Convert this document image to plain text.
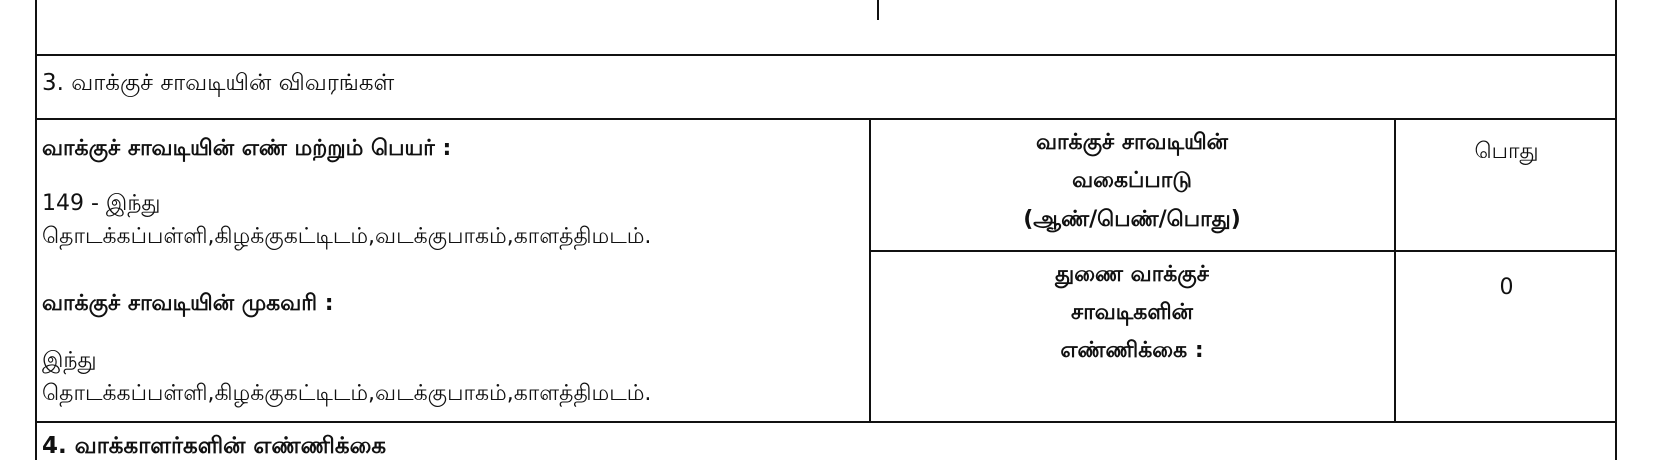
3. வாக்குச் சாவடியின் விவரங்கள்
வாக்குச் சாவடியின் எண் மற்றும் பெயர் :
149 - இந்து
தொடக்கப்பள்ளி,கிழக்குகட்டிடம்,வடக்குபாகம்,காளத்திமடம்.
வாக்குச் சாவடியின் முகவரி :
இந்து
தொடக்கப்பள்ளி,கிழக்குகட்டிடம்,வடக்குபாகம்,காளத்திமடம்.
வாக்குச் சாவடியின்
வகைப்பாடு
(ஆண்/பெண்/பொது)
பொது
துணை வாக்குச்
சாவடிகளின்
எண்ணிக்கை :
0
4. வாக்காளர்களின் எண்ணிக்கை
